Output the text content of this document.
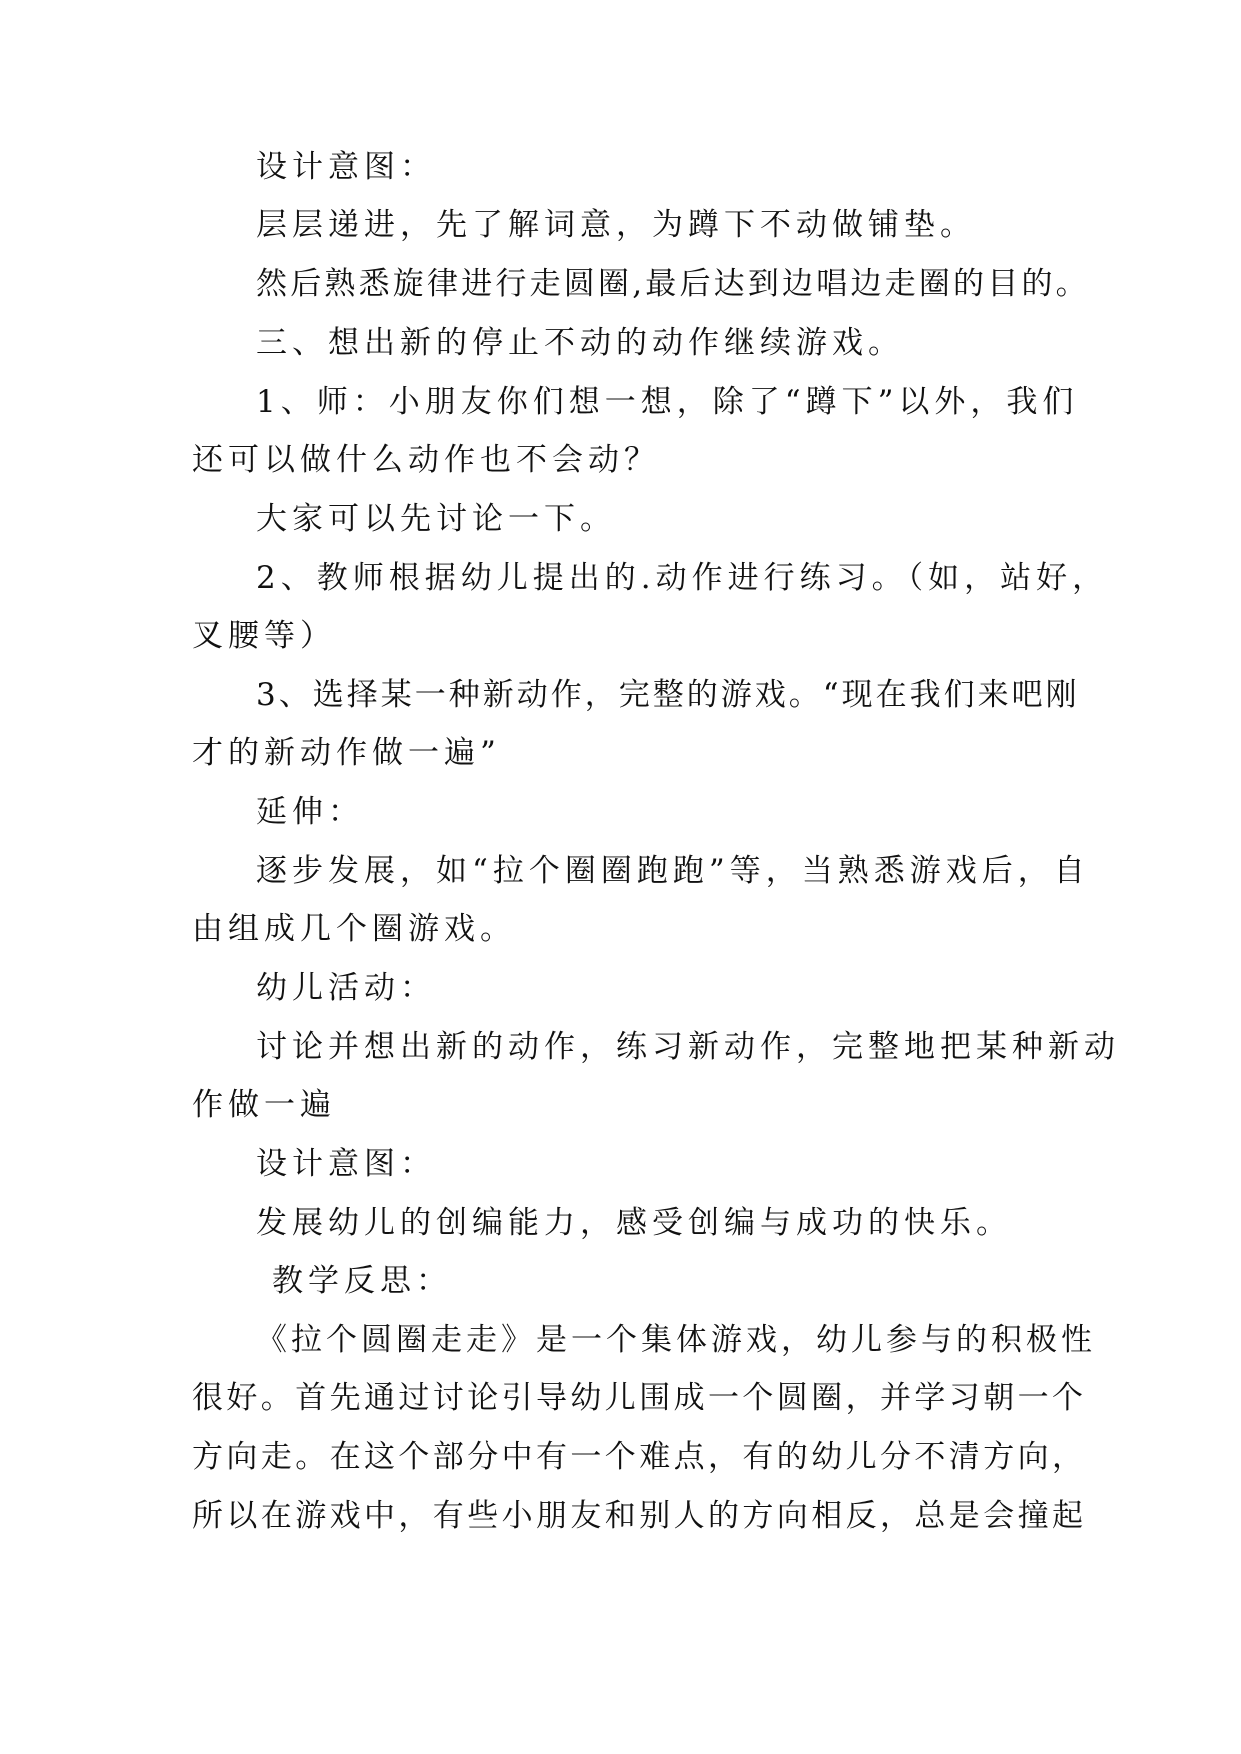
设计意图：

层层递进，先了解词意，为蹲下不动做铺垫。

然后熟悉旋律进行走圆圈,最后达到边唱边走圈的目的。

三、想出新的停止不动的动作继续游戏。

1、师：小朋友你们想一想，除了“蹲下”以外，我们

还可以做什么动作也不会动？

大家可以先讨论一下。

2、教师根据幼儿提出的.动作进行练习。（如，站好，

叉腰等）

3、选择某一种新动作，完整的游戏。“现在我们来吧刚

才的新动作做一遍”

延伸：

逐步发展，如“拉个圈圈跑跑”等，当熟悉游戏后，自

由组成几个圈游戏。

幼儿活动：

讨论并想出新的动作，练习新动作，完整地把某种新动

作做一遍

设计意图：

发展幼儿的创编能力，感受创编与成功的快乐。

教学反思：

《拉个圆圈走走》是一个集体游戏，幼儿参与的积极性

很好。首先通过讨论引导幼儿围成一个圆圈，并学习朝一个

方向走。在这个部分中有一个难点，有的幼儿分不清方向，

所以在游戏中，有些小朋友和别人的方向相反，总是会撞起
